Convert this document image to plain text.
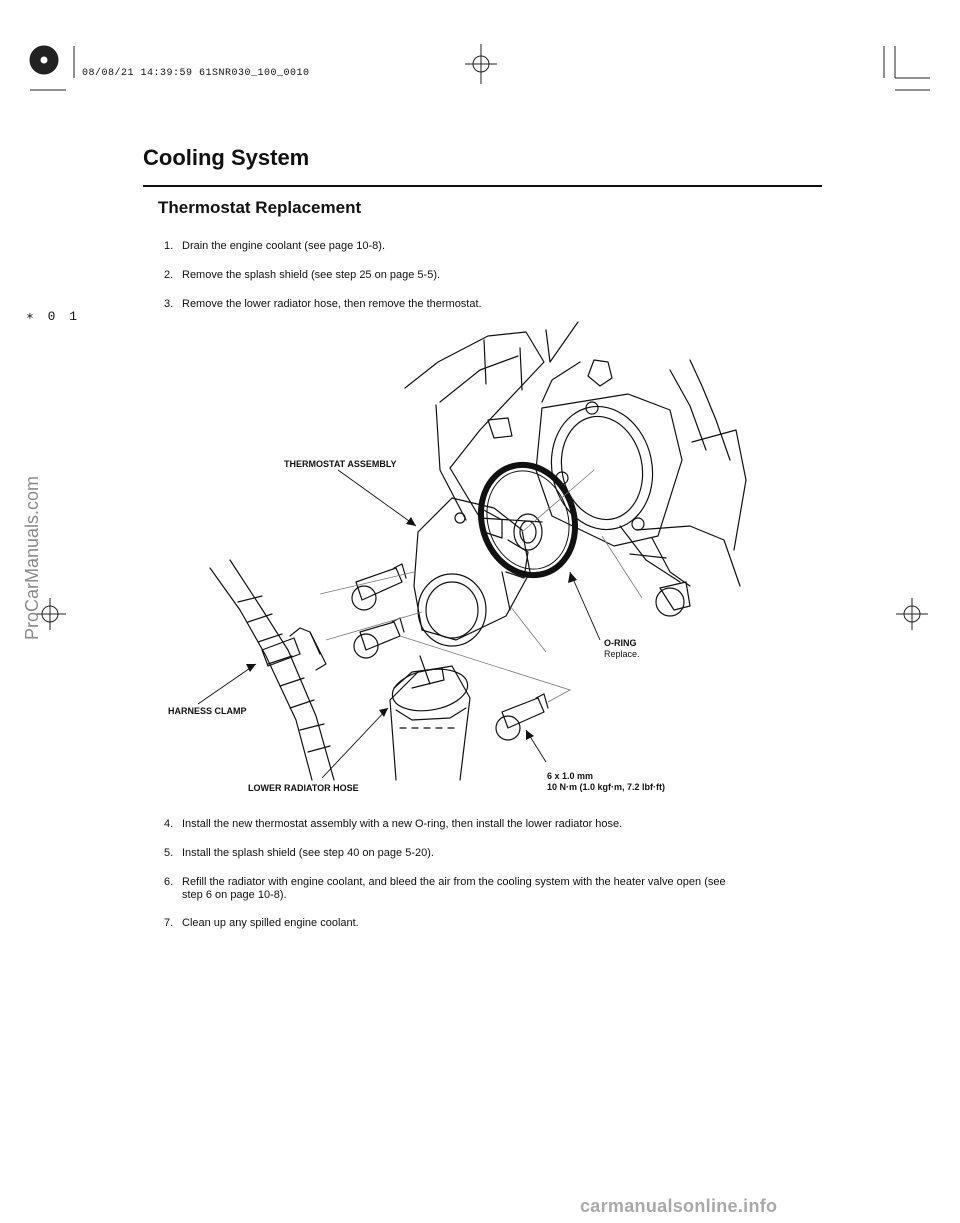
08/08/21 14:39:59 61SNR030_100_0010
∗ 0 1
ProCarManuals.com
Cooling System
Thermostat Replacement
1. Drain the engine coolant (see page 10-8).
2. Remove the splash shield (see step 25 on page 5-5).
3. Remove the lower radiator hose, then remove the thermostat.
THERMOSTAT ASSEMBLY
O-RING
Replace.
HARNESS CLAMP
LOWER RADIATOR HOSE
6 x 1.0 mm
10 N·m (1.0 kgf·m, 7.2 lbf·ft)
4. Install the new thermostat assembly with a new O-ring, then install the lower radiator hose.
5. Install the splash shield (see step 40 on page 5-20).
6. Refill the radiator with engine coolant, and bleed the air from the cooling system with the heater valve open (see
step 6 on page 10-8).
7. Clean up any spilled engine coolant.
carmanualsonline.info
